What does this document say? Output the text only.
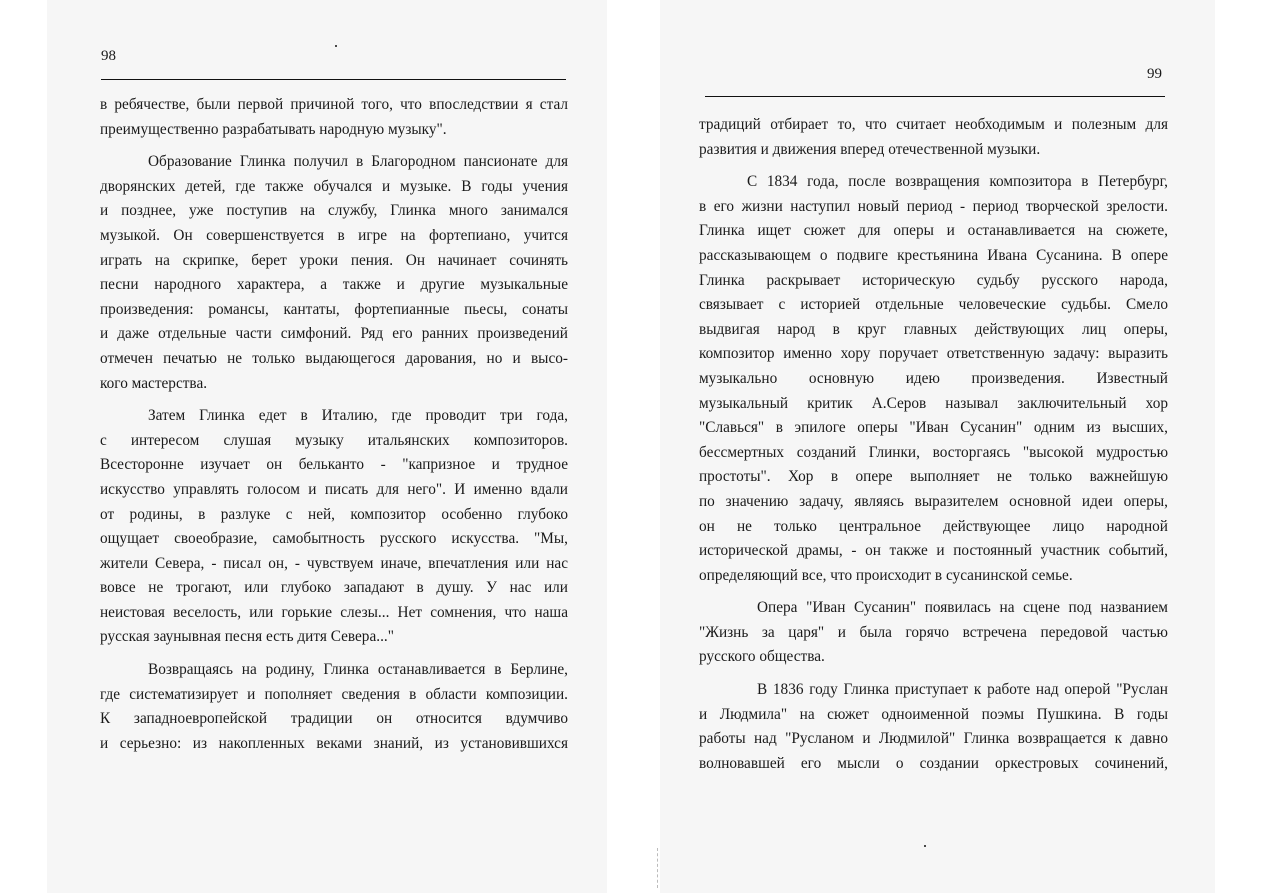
98
в ребячестве, были первой причиной того, что впоследствии я стал
преимущественно разрабатывать народную музыку".
Образование Глинка получил в Благородном пансионате для
дворянских детей, где также обучался и музыке. В годы учения
и позднее, уже поступив на службу, Глинка много занимался
музыкой. Он совершенствуется в игре на фортепиано, учится
играть на скрипке, берет уроки пения. Он начинает сочинять
песни народного характера, а также и другие музыкальные
произведения: романсы, кантаты, фортепианные пьесы, сонаты
и даже отдельные части симфоний. Ряд его ранних произведений
отмечен печатью не только выдающегося дарования, но и высо-
кого мастерства.
Затем Глинка едет в Италию, где проводит три года,
с интересом слушая музыку итальянских композиторов.
Всесторонне изучает он бельканто - "капризное и трудное
искусство управлять голосом и писать для него". И именно вдали
от родины, в разлуке с ней, композитор особенно глубоко
ощущает своеобразие, самобытность русского искусства. "Мы,
жители Севера, - писал он, - чувствуем иначе, впечатления или нас
вовсе не трогают, или глубоко западают в душу. У нас или
неистовая веселость, или горькие слезы... Нет сомнения, что наша
русская заунывная песня есть дитя Севера..."
Возвращаясь на родину, Глинка останавливается в Берлине,
где систематизирует и пополняет сведения в области композиции.
К западноевропейской традиции он относится вдумчиво
и серьезно: из накопленных веками знаний, из установившихся
99
традиций отбирает то, что считает необходимым и полезным для
развития и движения вперед отечественной музыки.
С 1834 года, после возвращения композитора в Петербург,
в его жизни наступил новый период - период творческой зрелости.
Глинка ищет сюжет для оперы и останавливается на сюжете,
рассказывающем о подвиге крестьянина Ивана Сусанина. В опере
Глинка раскрывает историческую судьбу русского народа,
связывает с историей отдельные человеческие судьбы. Смело
выдвигая народ в круг главных действующих лиц оперы,
композитор именно хору поручает ответственную задачу: выразить
музыкально основную идею произведения. Известный
музыкальный критик А.Серов называл заключительный хор
"Славься" в эпилоге оперы "Иван Сусанин" одним из высших,
бессмертных созданий Глинки, восторгаясь "высокой мудростью
простоты". Хор в опере выполняет не только важнейшую
по значению задачу, являясь выразителем основной идеи оперы,
он не только центральное действующее лицо народной
исторической драмы, - он также и постоянный участник событий,
определяющий все, что происходит в сусанинской семье.
Опера "Иван Сусанин" появилась на сцене под названием
"Жизнь за царя" и была горячо встречена передовой частью
русского общества.
В 1836 году Глинка приступает к работе над оперой "Руслан
и Людмила" на сюжет одноименной поэмы Пушкина. В годы
работы над "Русланом и Людмилой" Глинка возвращается к давно
волновавшей его мысли о создании оркестровых сочинений,
